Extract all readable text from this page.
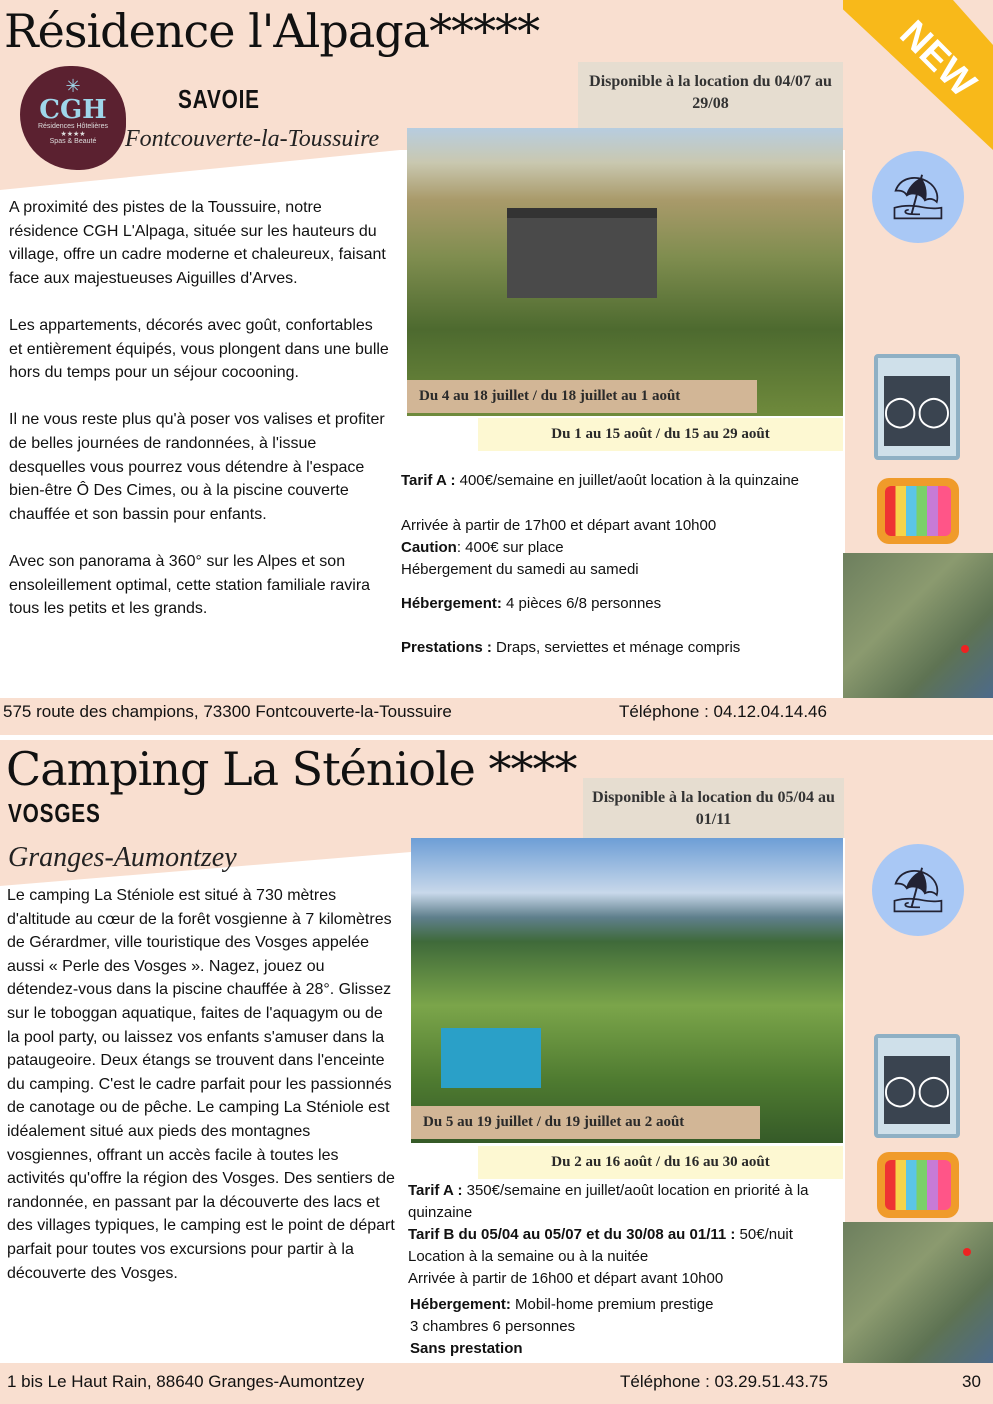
Résidence l'Alpaga*****
✳
CGH
Résidences Hôtelières
★★★★
Spas & Beauté
SAVOIE
Disponible à la location du 04/07 au 29/08
Fontcouverte-la-Toussuire
Du 4 au 18 juillet / du 18 juillet au 1 août
Du 1 au 15 août / du 15 au 29 août

A proximité des pistes de la Toussuire, notre résidence CGH L'Alpaga, située sur les hauteurs du village, offre un cadre moderne et chaleureux, faisant face aux majestueuses Aiguilles d'Arves.

Les appartements, décorés avec goût, confortables et entièrement équipés, vous plongent dans une bulle hors du temps pour un séjour cocooning.

Il ne vous reste plus qu'à poser vos valises et profiter de belles journées de randonnées, à l'issue desquelles vous pourrez vous détendre à l'espace bien-être Ô Des Cimes, ou à la piscine couverte chauffée et son bassin pour enfants.

Avec son panorama à 360° sur les Alpes et son ensoleillement optimal, cette station familiale ravira tous les petits et les grands.

Tarif A : 400€/semaine en juillet/août location à la quinzaine

Arrivée à partir de 17h00 et départ avant 10h00

Caution: 400€ sur place

Hébergement du samedi au samedi

Hébergement: 4 pièces 6/8 personnes

Prestations : Draps, serviettes et ménage compris

575 route des champions, 73300 Fontcouverte-la-Toussuire	Téléphone : 04.12.04.14.46
NEW
⛱
◯◯
Camping La Sténiole ****
VOSGES
Granges-Aumontzey
Disponible à la location du 05/04 au 01/11
Du 5 au 19 juillet / du 19 juillet au 2 août
Du 2 au 16 août / du 16 au 30 août
Le camping La Sténiole est situé à 730 mètres d'altitude au cœur de la forêt vosgienne à 7 kilomètres de Gérardmer, ville touristique des Vosges appelée aussi « Perle des Vosges ». Nagez, jouez ou détendez-vous dans la piscine chauffée à 28°. Glissez sur le toboggan aquatique, faites de l'aquagym ou de la pool party, ou laissez vos enfants s'amuser dans la pataugeoire. Deux étangs se trouvent dans l'enceinte du camping. C'est le cadre parfait pour les passionnés de canotage ou de pêche. Le camping La Sténiole est idéalement situé aux pieds des montagnes vosgiennes, offrant un accès facile à toutes les activités qu'offre la région des Vosges. Des sentiers de randonnée, en passant par la découverte des lacs et des villages typiques, le camping est le point de départ parfait pour toutes vos excursions pour partir à la découverte des Vosges.

Tarif A : 350€/semaine en juillet/août location en priorité à la quinzaine

Tarif B du 05/04 au 05/07 et du 30/08 au 01/11 : 50€/nuit

Location à la semaine ou à la nuitée

Arrivée à partir de 16h00 et départ avant 10h00

Hébergement: Mobil-home premium prestige

3 chambres 6 personnes

Sans prestation

1 bis Le Haut Rain, 88640 Granges-Aumontzey	Téléphone : 03.29.51.43.75	30
⛱
◯◯
